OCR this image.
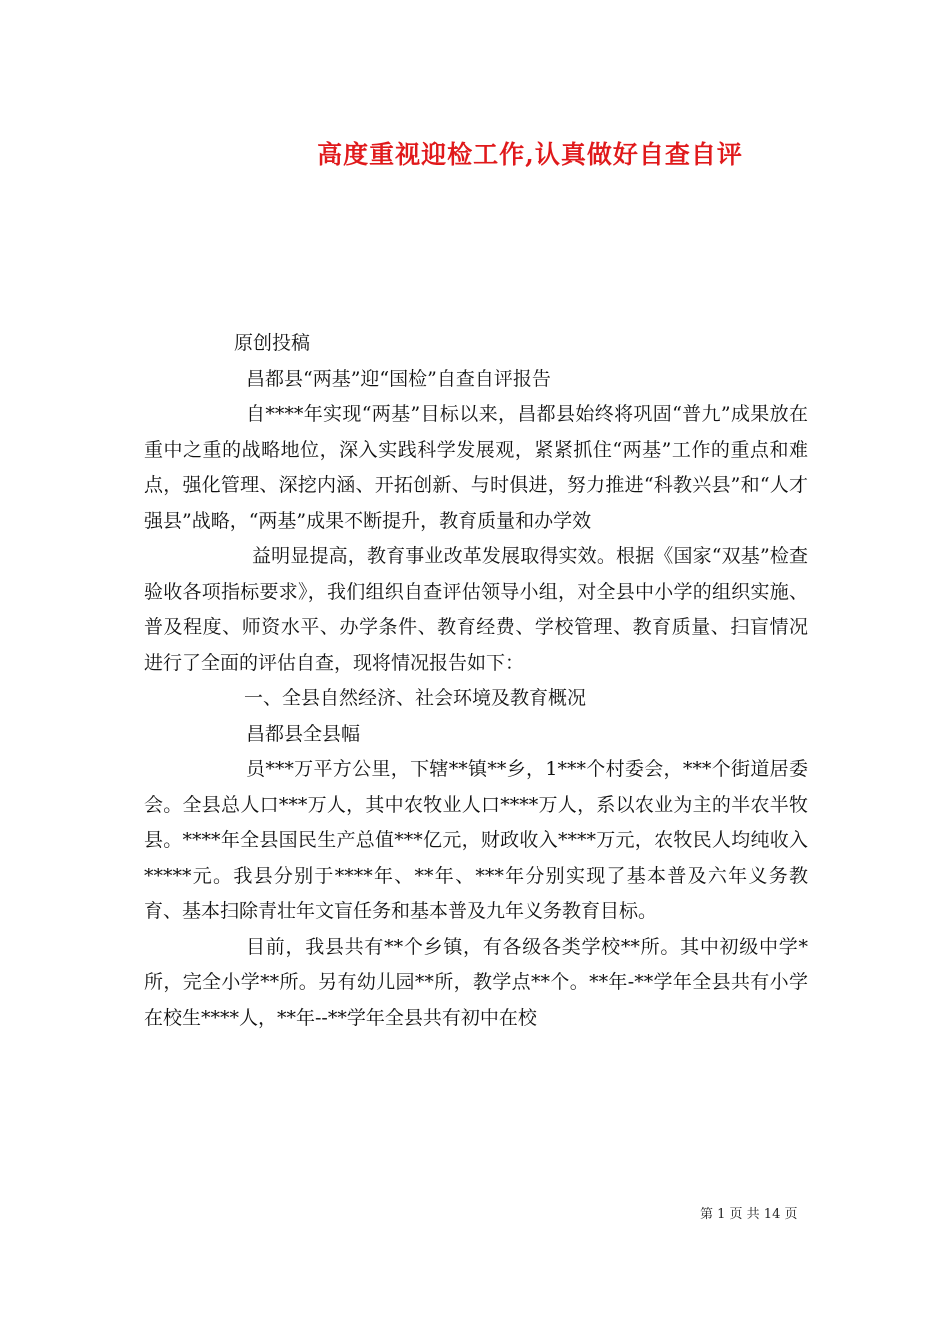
高度重视迎检工作,认真做好自查自评

原创投稿

昌都县“两基”迎“国检”自查自评报告

自****年实现“两基”目标以来，昌都县始终将巩固“普九”成果放在重中之重的战略地位，深入实践科学发展观，紧紧抓住“两基”工作的重点和难点，强化管理、深挖内涵、开拓创新、与时俱进，努力推进“科教兴县”和“人才强县”战略，“两基”成果不断提升，教育质量和办学效

益明显提高，教育事业改革发展取得实效。根据《国家“双基”检查验收各项指标要求》，我们组织自查评估领导小组，对全县中小学的组织实施、普及程度、师资水平、办学条件、教育经费、学校管理、教育质量、扫盲情况进行了全面的评估自查，现将情况报告如下：

一、全县自然经济、社会环境及教育概况

昌都县全县幅

员***万平方公里，下辖**镇**乡，1***个村委会，***个街道居委会。全县总人口***万人，其中农牧业人口****万人，系以农业为主的半农半牧县。****年全县国民生产总值***亿元，财政收入****万元，农牧民人均纯收入*****元。我县分别于****年、**年、***年分别实现了基本普及六年义务教育、基本扫除青壮年文盲任务和基本普及九年义务教育目标。

目前，我县共有**个乡镇，有各级各类学校**所。其中初级中学*所，完全小学**所。另有幼儿园**所，教学点**个。**年-**学年全县共有小学在校生****人，**年--**学年全县共有初中在校

第 1 页 共 14 页
